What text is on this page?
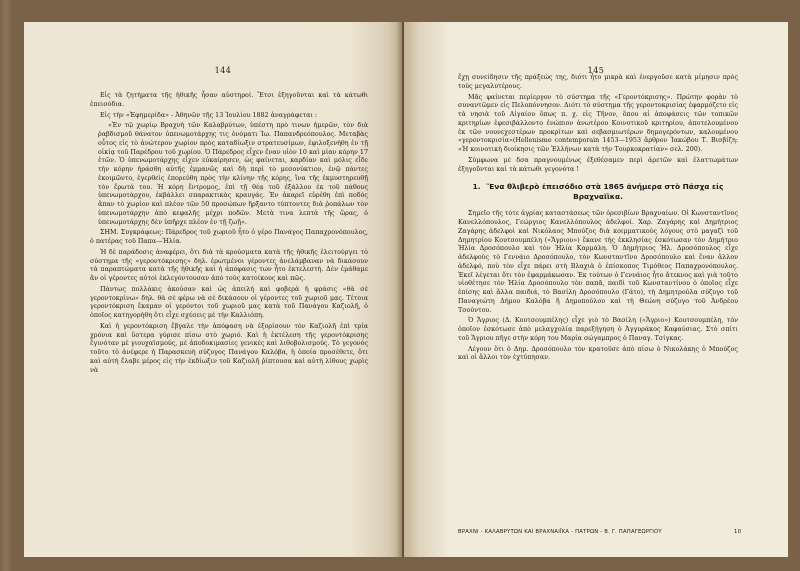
144

Εἰς τὰ ζητήματα τῆς ἠθικῆς ἦσαν αὐστηροί. Ἔτσι ἐξηγοῦνται καὶ τὰ κάτωθι ἐπεισόδια.

Εἰς τὴν «Ἐφημερίδα» - Ἀθηνῶν τῆς 13 Ἰουλίου 1882 ἀναγράφεται :

«Ἐν τῷ χωρίῳ Βραχνὴ τῶν Καλαβρύτων, ὑπέστη πρὸ τινων ἡμερῶν, τὸν διὰ ῥαβδισμοῦ θάνατον ὑπενωμοτάρχης τις ὀνόματι Ἰω. Παπανδρεόπουλος. Μεταβὰς οὗτος εἰς τὸ ἀνώτερον χωρίον πρὸς καταδίωξιν στρατευσίμων, ἐφιλοξενήθη ἐν τῇ οἰκίᾳ τοῦ Παρέδρου τοῦ χωρίου. Ὁ Πάρεδρος εἶχεν ἕναν υἱὸν 10 καὶ μίαν κόρην 17 ἐτῶν. Ὁ ὑπενωμοτάρχης εἶχεν εὐκαίρησεν, ὡς φαίνεται, καρδίαν καὶ μόλις εἶδε τὴν κόρην ἠράσθη αὐτῆς ἐμμανῶς καὶ δὴ περὶ τὸ μεσονύκτιον, ἐνῷ πάντες ἐκοιμῶντο, ἐγερθεὶς ἐπορεύθη πρὸς τὴν κλίνην τῆς κόρης, ἵνα τῆς ἐκμυστηρευθῇ τὸν ἔρωτά του. Ἡ κόρη ἔντρομος, ἐπὶ τῇ θέᾳ τοῦ ἐξάλλου ἐκ τοῦ πάθους ὑπενωμοτάρχου, ἐκβάλλει σπαρακτικὰς κραυγάς. Ἐν ἀκαρεῖ εὑρέθη ἐπὶ ποδὸς ἅπαν τὸ χωρίον καὶ πλέον τῶν 50 προσώπων ἥρξαντο τύπτοντες διὰ ῥοπάλων τὸν ὑπενωμοτάρχην ἀπὸ κεφαλῆς μέχρι ποδῶν. Μετὰ τινα λεπτὰ τῆς ὥρας, ὁ ὑπενωμοτάρχης δὲν ὑπῆρχε πλέον ἐν τῇ ζωῇ».

ΣΗΜ. Συγκράφεως: Πάρεδρος τοῦ χωριοῦ ἦτο ὁ γέρο Πανάγος Παπαχρονόπουλος, ὁ πατέρας τοῦ Παπα—Ἠλία.

Ἡ δὲ παράδοσις ἀναφέρει, ὅτι διὰ τὰ κρούσματα κατὰ τῆς ἠθικῆς ἐλειτούργει τὸ σύστημα τῆς «γεροντόκρισης» δηλ. ἐρωτμένοι γέροντες ἀνελάμβαναν νὰ δικάσουν τὰ παραπτώματα κατὰ τῆς ἠθικῆς καὶ ἡ ἀπόφασις των ἦτο ἐκτελεστή. Δὲν ἐμάθαμε ἂν οἱ γέροντες αὐτοὶ ἐκλεγόντουσαν ἀπὸ τοὺς κατοίκους καὶ πῶς.

Πάντως πολλάκις ἀκούσαν καὶ ὡς ἀπειλή καὶ φοβερὰ ἡ φράσις «θὰ σὲ γεροντοκρίνω» δηλ. θὰ σὲ φέρω νὰ σὲ δικάσουν οἱ γέροντες τοῦ χωριοῦ μας. Τέτοια γεροντόκριση ἔκαμαν οἱ γερόντοι τοῦ χωριοῦ μας κατὰ τοῦ Πανάγου Καζιολῆ, ὁ ὁποῖος κατηγορήθη ὅτι εἶχε σχέσεις μὲ τὴν Καλλιόπη.

Καὶ ἡ γεροντόκριση ἔβγαλε τὴν ἀπόφαση νὰ ἐξορίσουν τὸν Καζιολῆ ἐπὶ τρία χρόνια καὶ ὕστερα γύρισε πίσω στὸ χωριό. Καὶ ἡ ἐκτέλεση τῆς γεροντόκρισης ἔγινόταν μὲ γιουχαϊσμούς, μὲ ἀποδοκιμασίες γενικὲς καὶ λιθοβολισμούς. Τὸ γεγονὸς τοῦτο τὸ ἀνέφερε ἡ Παρασκευὴ σύζυγος Πανάγου Καλόβα, ἡ ὁποία προσέθετε, ὅτι καὶ αὐτὴ ἔλαβε μέρος εἰς τὴν ἐκδίωξιν τοῦ Καζιολῆ ῥίπτουσα καὶ αὐτὴ λίθους χωρὶς νὰ

145

ἔχῃ συνείδησιν τῆς πράξεώς της, διότι ἦτο μικρὰ καὶ ἐνεργοῦσε κατὰ μίμησιν πρὸς τοὺς μεγαλυτέρους.

Μᾶς φαίνεται περίεργον τὸ σύστημα τῆς «Γεροντόκρισης». Πρώτην φορὰν τὸ συναντῶμεν εἰς Πελοπόννησον. Διότι τὸ σύστημα τῆς γεροντοκρισίας ἐφαρμόζετο εἰς τὰ νησιὰ τοῦ Αἰγαίου ὅπως π. χ. εἰς Τῆνον, ὅπου αἱ ἀποφάσεις τῶν τοπικῶν κριτηρίων ἐφεσιβάλλοντο ἐνώπιον ἀνωτέρου Κοινοτικοῦ κριτηρίου, ἀποτελουμένου ἐκ τῶν νουνεχεστέρων προκρίτων καὶ σεβασμιωτέρων δημογερόντων, καλουμένου «γεροντοκρισία»(Hellenisme contemporain 1453—1953 ἄρθρον Ἰακώβου Τ. Βισβίζη: «Ἡ κοινοτικὴ διοίκησις τῶν Ἑλλήνων κατὰ τὴν Τουρκοκρατίαν» σελ. 200).

Σύμφωνα μὲ δσα πραγνουμένως ἐξεθέσαμεν περὶ ἀρετῶν καὶ ἐλαττωμάτων ἐξηγοῦνται καὶ τὰ κάτωθι γεγονότα !

1. Ἕνα θλιβερὸ ἐπεισόδιο στὰ 1865 ἀνήμερα στὸ Πάσχα εἰς Βραχναῖϊκα.

Σημεῖο τῆς τότε ἀγρίας καταστάσεως τῶν ὁρεσιβίων Βραχναίων. Οἱ Κωνσταντῖνος Κανελλόπουλος, Γεώργιος Κανελλόπουλος ἀδελφοί. Χαρ. Ζαγάρης καὶ Δημήτριος Ζαγάρης ἀδελφοὶ καὶ Νικόλαος Μπούζος διὰ κοιμματικοὺς λόγους στὸ μαγαζὶ τοῦ Δημητρίου Κουτσουμπέλη («Ἄγριου») ἔκανε τὴς ἐκκλησίας ἐσκότωσαν τὸν Δημήτριο Ἠλία Δροσόπουλο καὶ τὸν Ἠλία Καρμάλη. Ὁ Δημήτριος Ἠλ. Δροσόπουλος εἶχε ἀδελφοὺς τὸ Γεννάιο Δροσόπουλο, τὸν Κωνσταντῖνο Δροσόπουλο καὶ ἕναν ἄλλον ἀδελφό, ποὺ τὸν εἶχε πάρει στὴ Βλαχιὰ ὁ ἐπίσκοπος Τιμόθεος Παπαχρονόπουλος. Ἐκεῖ λέγεται ὅτι τὸν ἐφαρμάκωσαν. Ἐκ τούτων ὁ Γεννάιος ἦτο ἄτεκνος καὶ γιὰ τοῦτο υἱοθέτησε τὸν Ἠλία Δροσόπουλο τὸν παπᾶ, παιδὶ τοῦ Κωνσταντίνου ὁ ὁποῖος εἶχε ἐπίσης καὶ ἄλλα παιδιά, τὸ Βασίλη Δροσόπουλο (Γάτο), τὴ Δημητρούλα σύζυγο τοῦ Παναγιώτη Δήμου Καλόβα ἢ Δημοπούλου καὶ τὴ Θεώνη σύζυγο τοῦ Ἀνδρέου Τσούντου.

Ὁ Ἄγριος (Δ. Κουτσουμπέλης) εἶχε γιὸ τὸ Βασίλη («Ἄγριο») Κουτσουμπέλη, τὸν ὁποῖον ἐσκότωσε ἀπὸ μελαγχολίᾳ παρεξήγηση ὁ Ἀγγυράκος Καφαύσιας. Στὸ σπίτι τοῦ Ἄγριου πῆγε στὴν κόρη του Μαρία σώγαμπρος ὁ Παναγ. Τσίγκας.

Λέγουν ὅτι ὁ Δημ. Δροσόπουλο τὸν κρατοῦσε ἀπὸ πίσω ὁ Νικολάκης ὁ Μπούζος καὶ οἱ ἄλλοι τὸν ἐχτύπησαν.

ΒΡΑΧΝΙ - ΚΑΛΑΒΡΥΤΩΝ ΚΑΙ ΒΡΑΧΝΑΙΪΚΑ - ΠΑΤΡΩΝ - Β. Γ. ΠΑΠΑΓΕΩΡΓΙΟΥ	10
